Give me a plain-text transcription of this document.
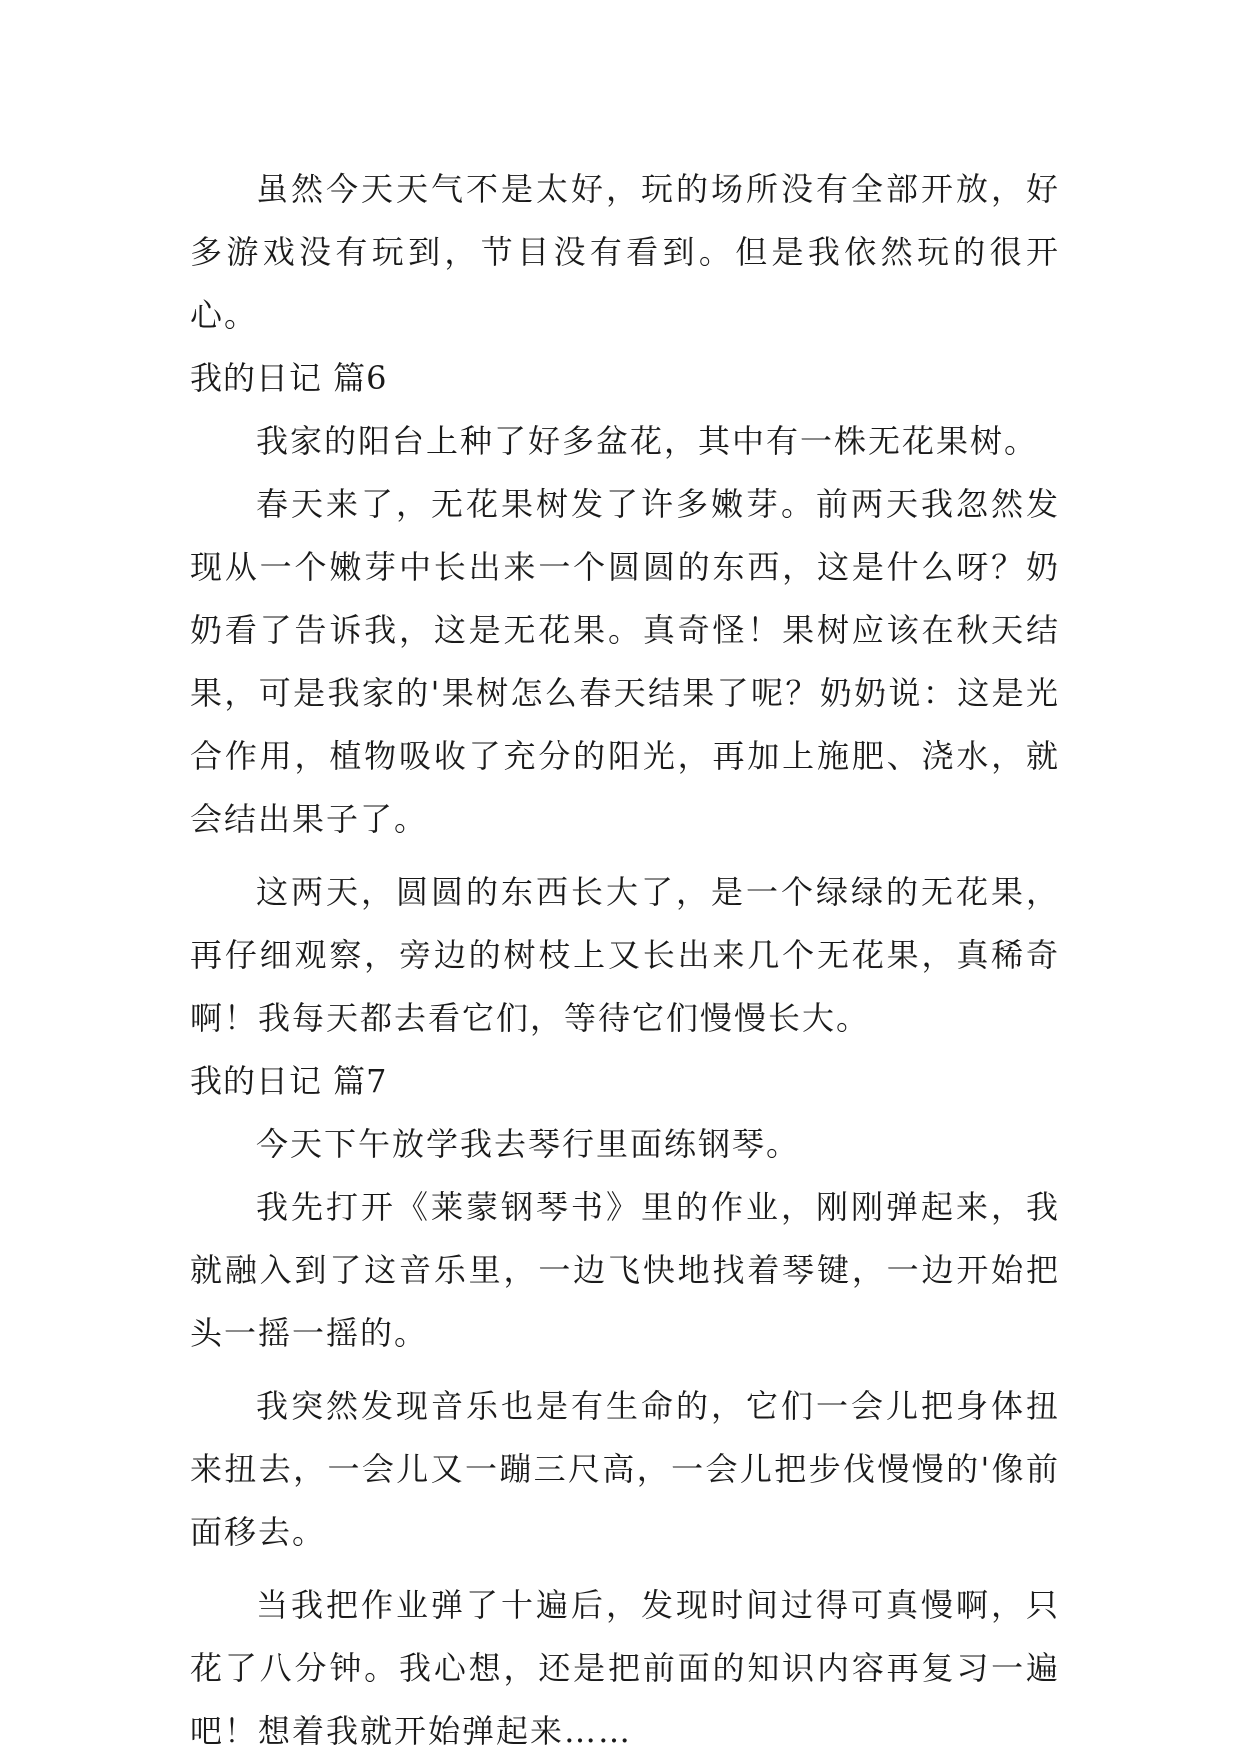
虽然今天天气不是太好，玩的场所没有全部开放，好多游戏没有玩到，节目没有看到。但是我依然玩的很开心。

我的日记 篇6

我家的阳台上种了好多盆花，其中有一株无花果树。

春天来了，无花果树发了许多嫩芽。前两天我忽然发现从一个嫩芽中长出来一个圆圆的东西，这是什么呀？奶奶看了告诉我，这是无花果。真奇怪！果树应该在秋天结果，可是我家的'果树怎么春天结果了呢？奶奶说：这是光合作用，植物吸收了充分的阳光，再加上施肥、浇水，就会结出果子了。

这两天，圆圆的东西长大了，是一个绿绿的无花果，再仔细观察，旁边的树枝上又长出来几个无花果，真稀奇啊！我每天都去看它们，等待它们慢慢长大。

我的日记 篇7

今天下午放学我去琴行里面练钢琴。

我先打开《莱蒙钢琴书》里的作业，刚刚弹起来，我就融入到了这音乐里，一边飞快地找着琴键，一边开始把头一摇一摇的。

我突然发现音乐也是有生命的，它们一会儿把身体扭来扭去，一会儿又一蹦三尺高，一会儿把步伐慢慢的'像前面移去。

当我把作业弹了十遍后，发现时间过得可真慢啊，只花了八分钟。我心想，还是把前面的知识内容再复习一遍吧！想着我就开始弹起来……
